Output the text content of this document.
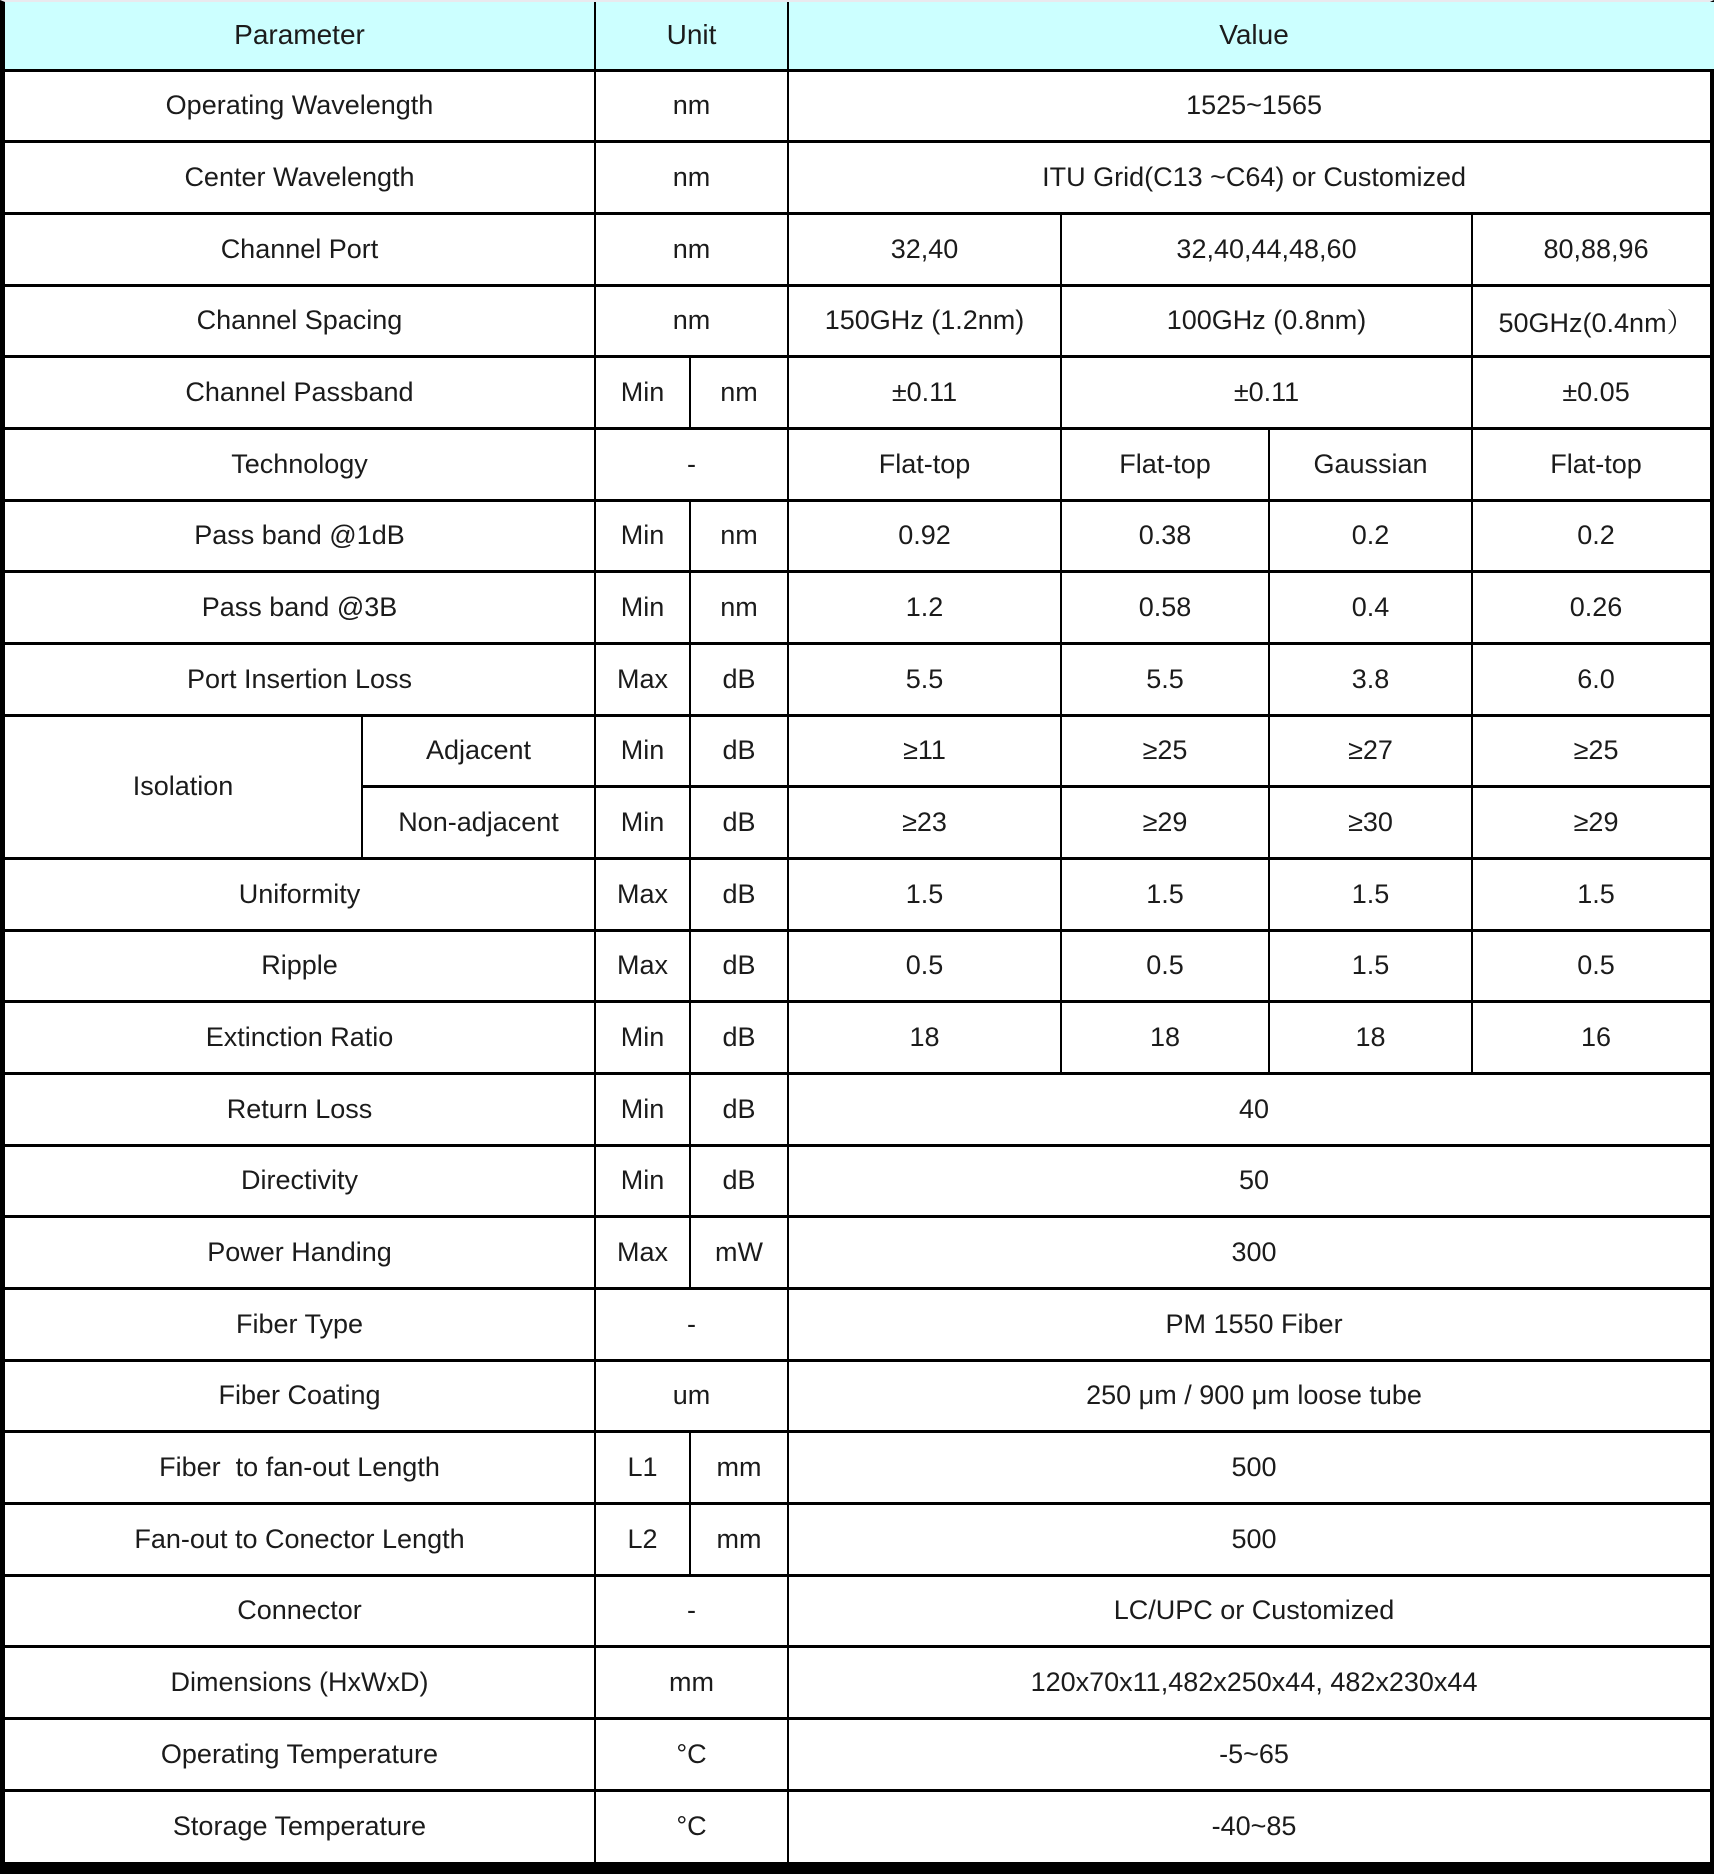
Parameter		Unit		Value			
Operating Wavelength		nm		1525~1565			
Center Wavelength		nm		ITU Grid(C13 ~C64) or Customized			
Channel Port		nm		32,40	32,40,44,48,60		80,88,96
Channel Spacing		nm		150GHz (1.2nm)	100GHz (0.8nm)		50GHz(0.4nm）
Channel Passband		Min	nm	±0.11	±0.11		±0.05
Technology		-		Flat-top	Flat-top	Gaussian	Flat-top
Pass band @1dB		Min	nm	0.92	0.38	0.2	0.2
Pass band @3B		Min	nm	1.2	0.58	0.4	0.26
Port Insertion Loss		Max	dB	5.5	5.5	3.8	6.0
Isolation	Adjacent	Min	dB	≥11	≥25	≥27	≥25
	Non-adjacent	Min	dB	≥23	≥29	≥30	≥29
Uniformity		Max	dB	1.5	1.5	1.5	1.5
Ripple		Max	dB	0.5	0.5	1.5	0.5
Extinction Ratio		Min	dB	18	18	18	16
Return Loss		Min	dB	40			
Directivity		Min	dB	50			
Power Handing		Max	mW	300			
Fiber Type		-		PM 1550 Fiber			
Fiber Coating		um		250 μm / 900 μm loose tube			
Fiber  to fan-out Length		L1	mm	500			
Fan-out to Conector Length		L2	mm	500			
Connector		-		LC/UPC or Customized			
Dimensions (HxWxD)		mm		120x70x11,482x250x44, 482x230x44			
Operating Temperature		°C		-5~65			
Storage Temperature		°C		-40~85			
